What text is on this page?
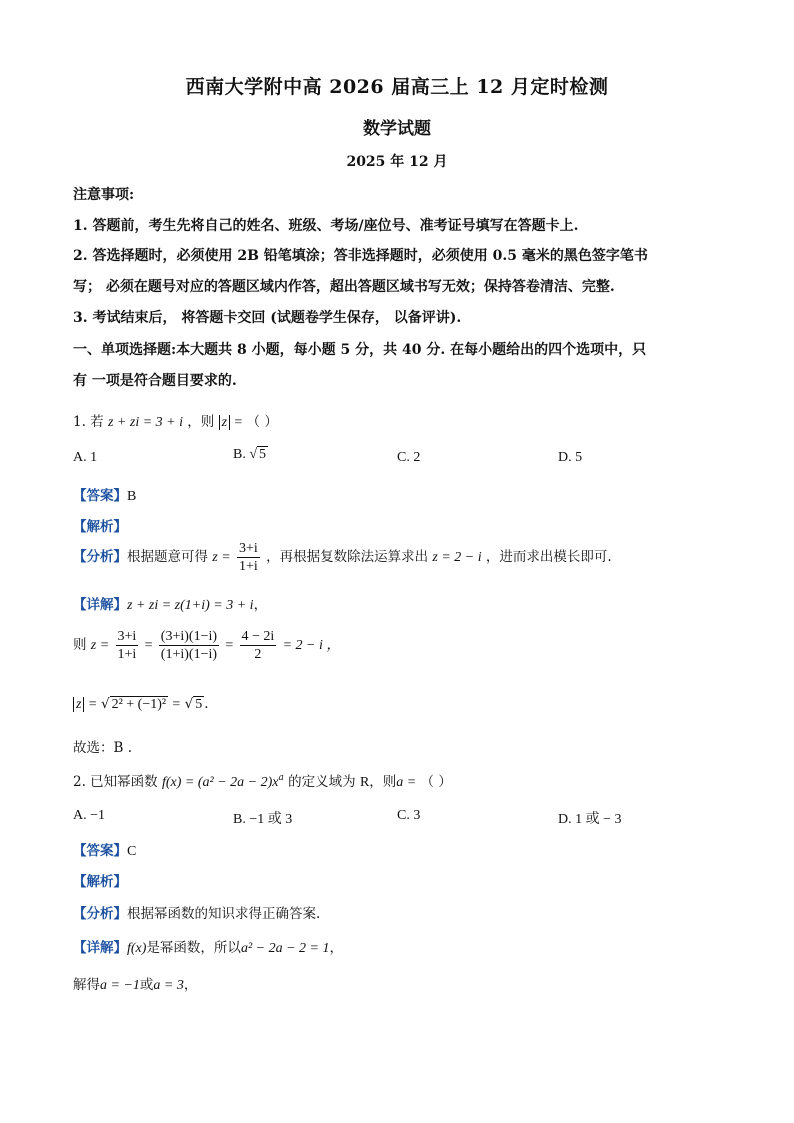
西南大学附中高 2026 届高三上 12 月定时检测
数学试题
2025 年 12 月
注意事项:
1. 答题前，考生先将自己的姓名、班级、考场/座位号、准考证号填写在答题卡上.
2. 答选择题时，必须使用 2B 铅笔填涂；答非选择题时，必须使用 0.5 毫米的黑色签字笔书
写； 必须在题号对应的答题区域内作答，超出答题区域书写无效；保持答卷清洁、完整.
3. 考试结束后， 将答题卡交回 (试题卷学生保存， 以备评讲).
一、单项选择题:本大题共 8 小题，每小题 5 分，共 40 分. 在每小题给出的四个选项中，只
有 一项是符合题目要求的.
1. 若 z + zi = 3 + i ，则 z = （ ）
A. 1	B. √ 5	C. 2	D. 5
【答案】B
【解析】
【分析】根据题意可得 $z = \frac{3+i}{1+i}$ ，再根据复数除法运算求出 z = 2 − i ，进而求出模长即可.
【详解】z + zi = z(1+i) = 3 + i，
则 $z = \frac{3+i}{1+i} = \frac{(3+i)(1-i)}{(1+i)(1-i)} = \frac{4 - 2i}{2} = 2 - i$ ，
z = √ 2² + (−1)² = √ 5 .
故选：B .
2. 已知幂函数 $f(x) = (a^2 - 2a - 2)x^a$ 的定义域为 R，则a = （ ）
A. −1	B. −1 或 3	C. 3	D. 1 或 − 3
【答案】C
【解析】
【分析】根据幂函数的知识求得正确答案.
【详解】f(x)是幂函数，所以a² − 2a − 2 = 1，
解得a = −1或a = 3，
